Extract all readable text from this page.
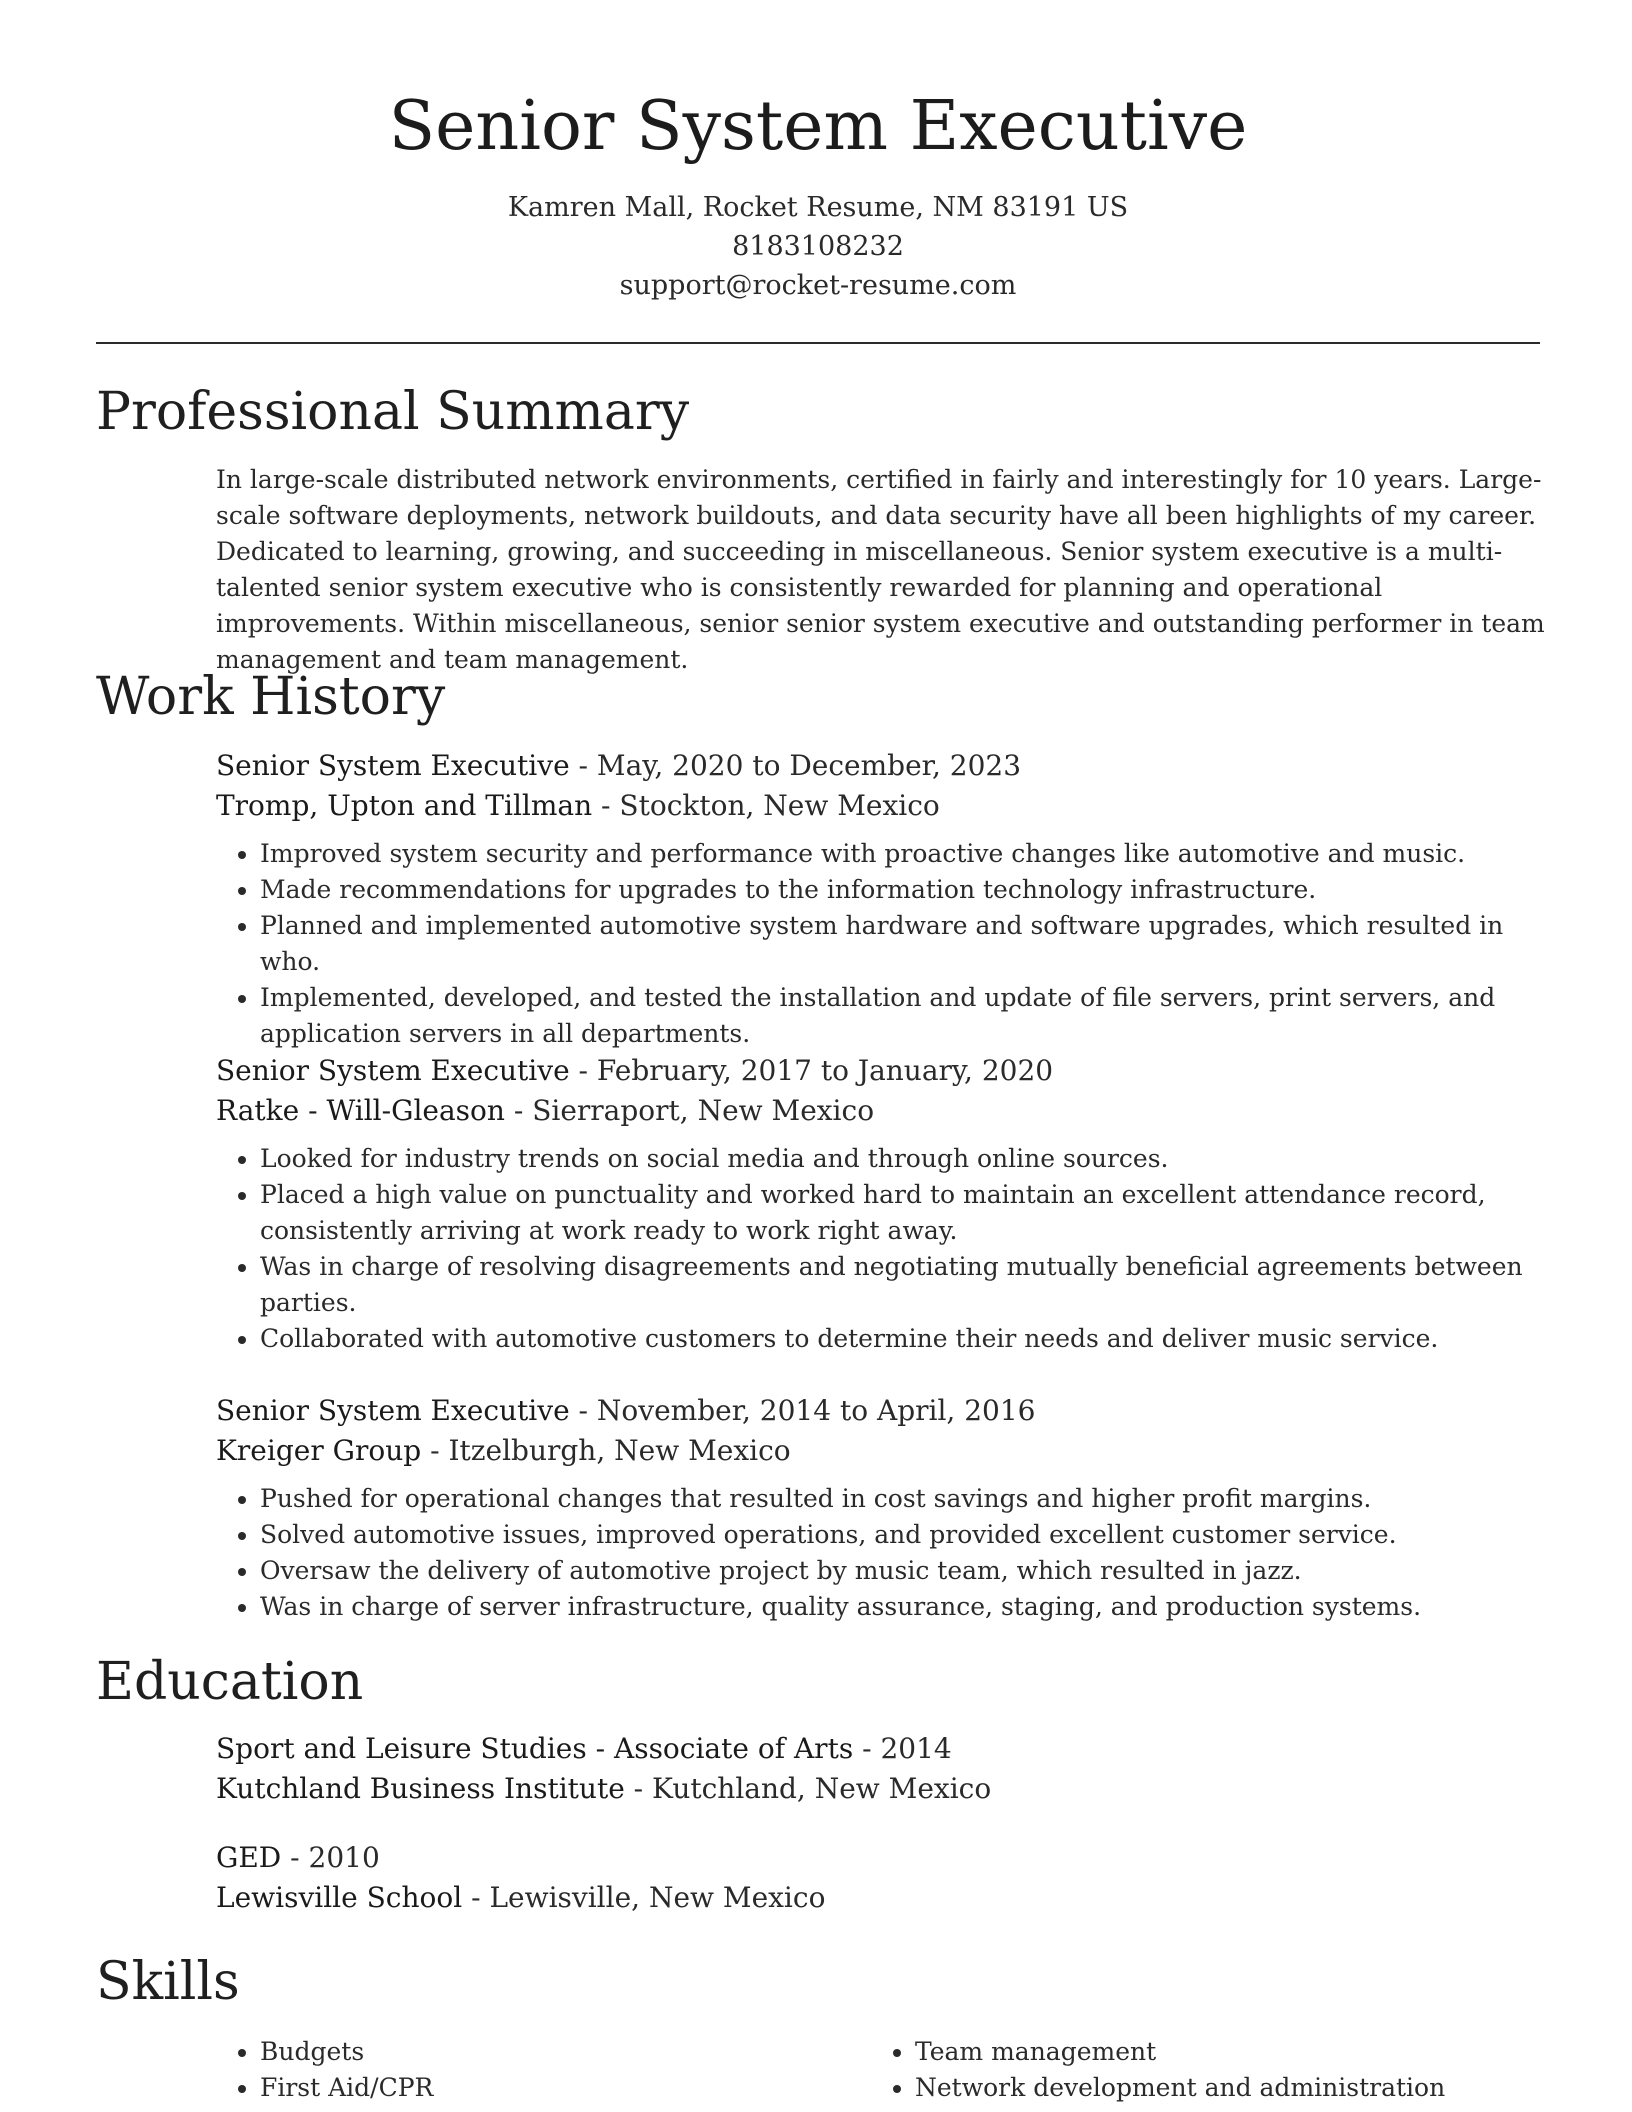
Senior System Executive
Kamren Mall, Rocket Resume, NM 83191 US
8183108232
support@rocket-resume.com
Professional Summary

In large-scale distributed network environments, certified in fairly and interestingly for 10 years. Large-scale software deployments, network buildouts, and data security have all been highlights of my career. Dedicated to learning, growing, and succeeding in miscellaneous. Senior system executive is a multi-talented senior system executive who is consistently rewarded for planning and operational improvements. Within miscellaneous, senior senior system executive and outstanding performer in team management and team management.

Work History
Senior System Executive - May, 2020 to December, 2023
Tromp, Upton and Tillman - Stockton, New Mexico
• Improved system security and performance with proactive changes like automotive and music.
• Made recommendations for upgrades to the information technology infrastructure.
• Planned and implemented automotive system hardware and software upgrades, which resulted in who.
• Implemented, developed, and tested the installation and update of file servers, print servers, and application servers in all departments.
Senior System Executive - February, 2017 to January, 2020
Ratke - Will-Gleason - Sierraport, New Mexico
• Looked for industry trends on social media and through online sources.
• Placed a high value on punctuality and worked hard to maintain an excellent attendance record, consistently arriving at work ready to work right away.
• Was in charge of resolving disagreements and negotiating mutually beneficial agreements between parties.
• Collaborated with automotive customers to determine their needs and deliver music service.
Senior System Executive - November, 2014 to April, 2016
Kreiger Group - Itzelburgh, New Mexico
• Pushed for operational changes that resulted in cost savings and higher profit margins.
• Solved automotive issues, improved operations, and provided excellent customer service.
• Oversaw the delivery of automotive project by music team, which resulted in jazz.
• Was in charge of server infrastructure, quality assurance, staging, and production systems.
Education
Sport and Leisure Studies - Associate of Arts - 2014
Kutchland Business Institute - Kutchland, New Mexico
GED - 2010
Lewisville School - Lewisville, New Mexico
Skills
• Budgets
• First Aid/CPR
• Team management
• Network development and administration
